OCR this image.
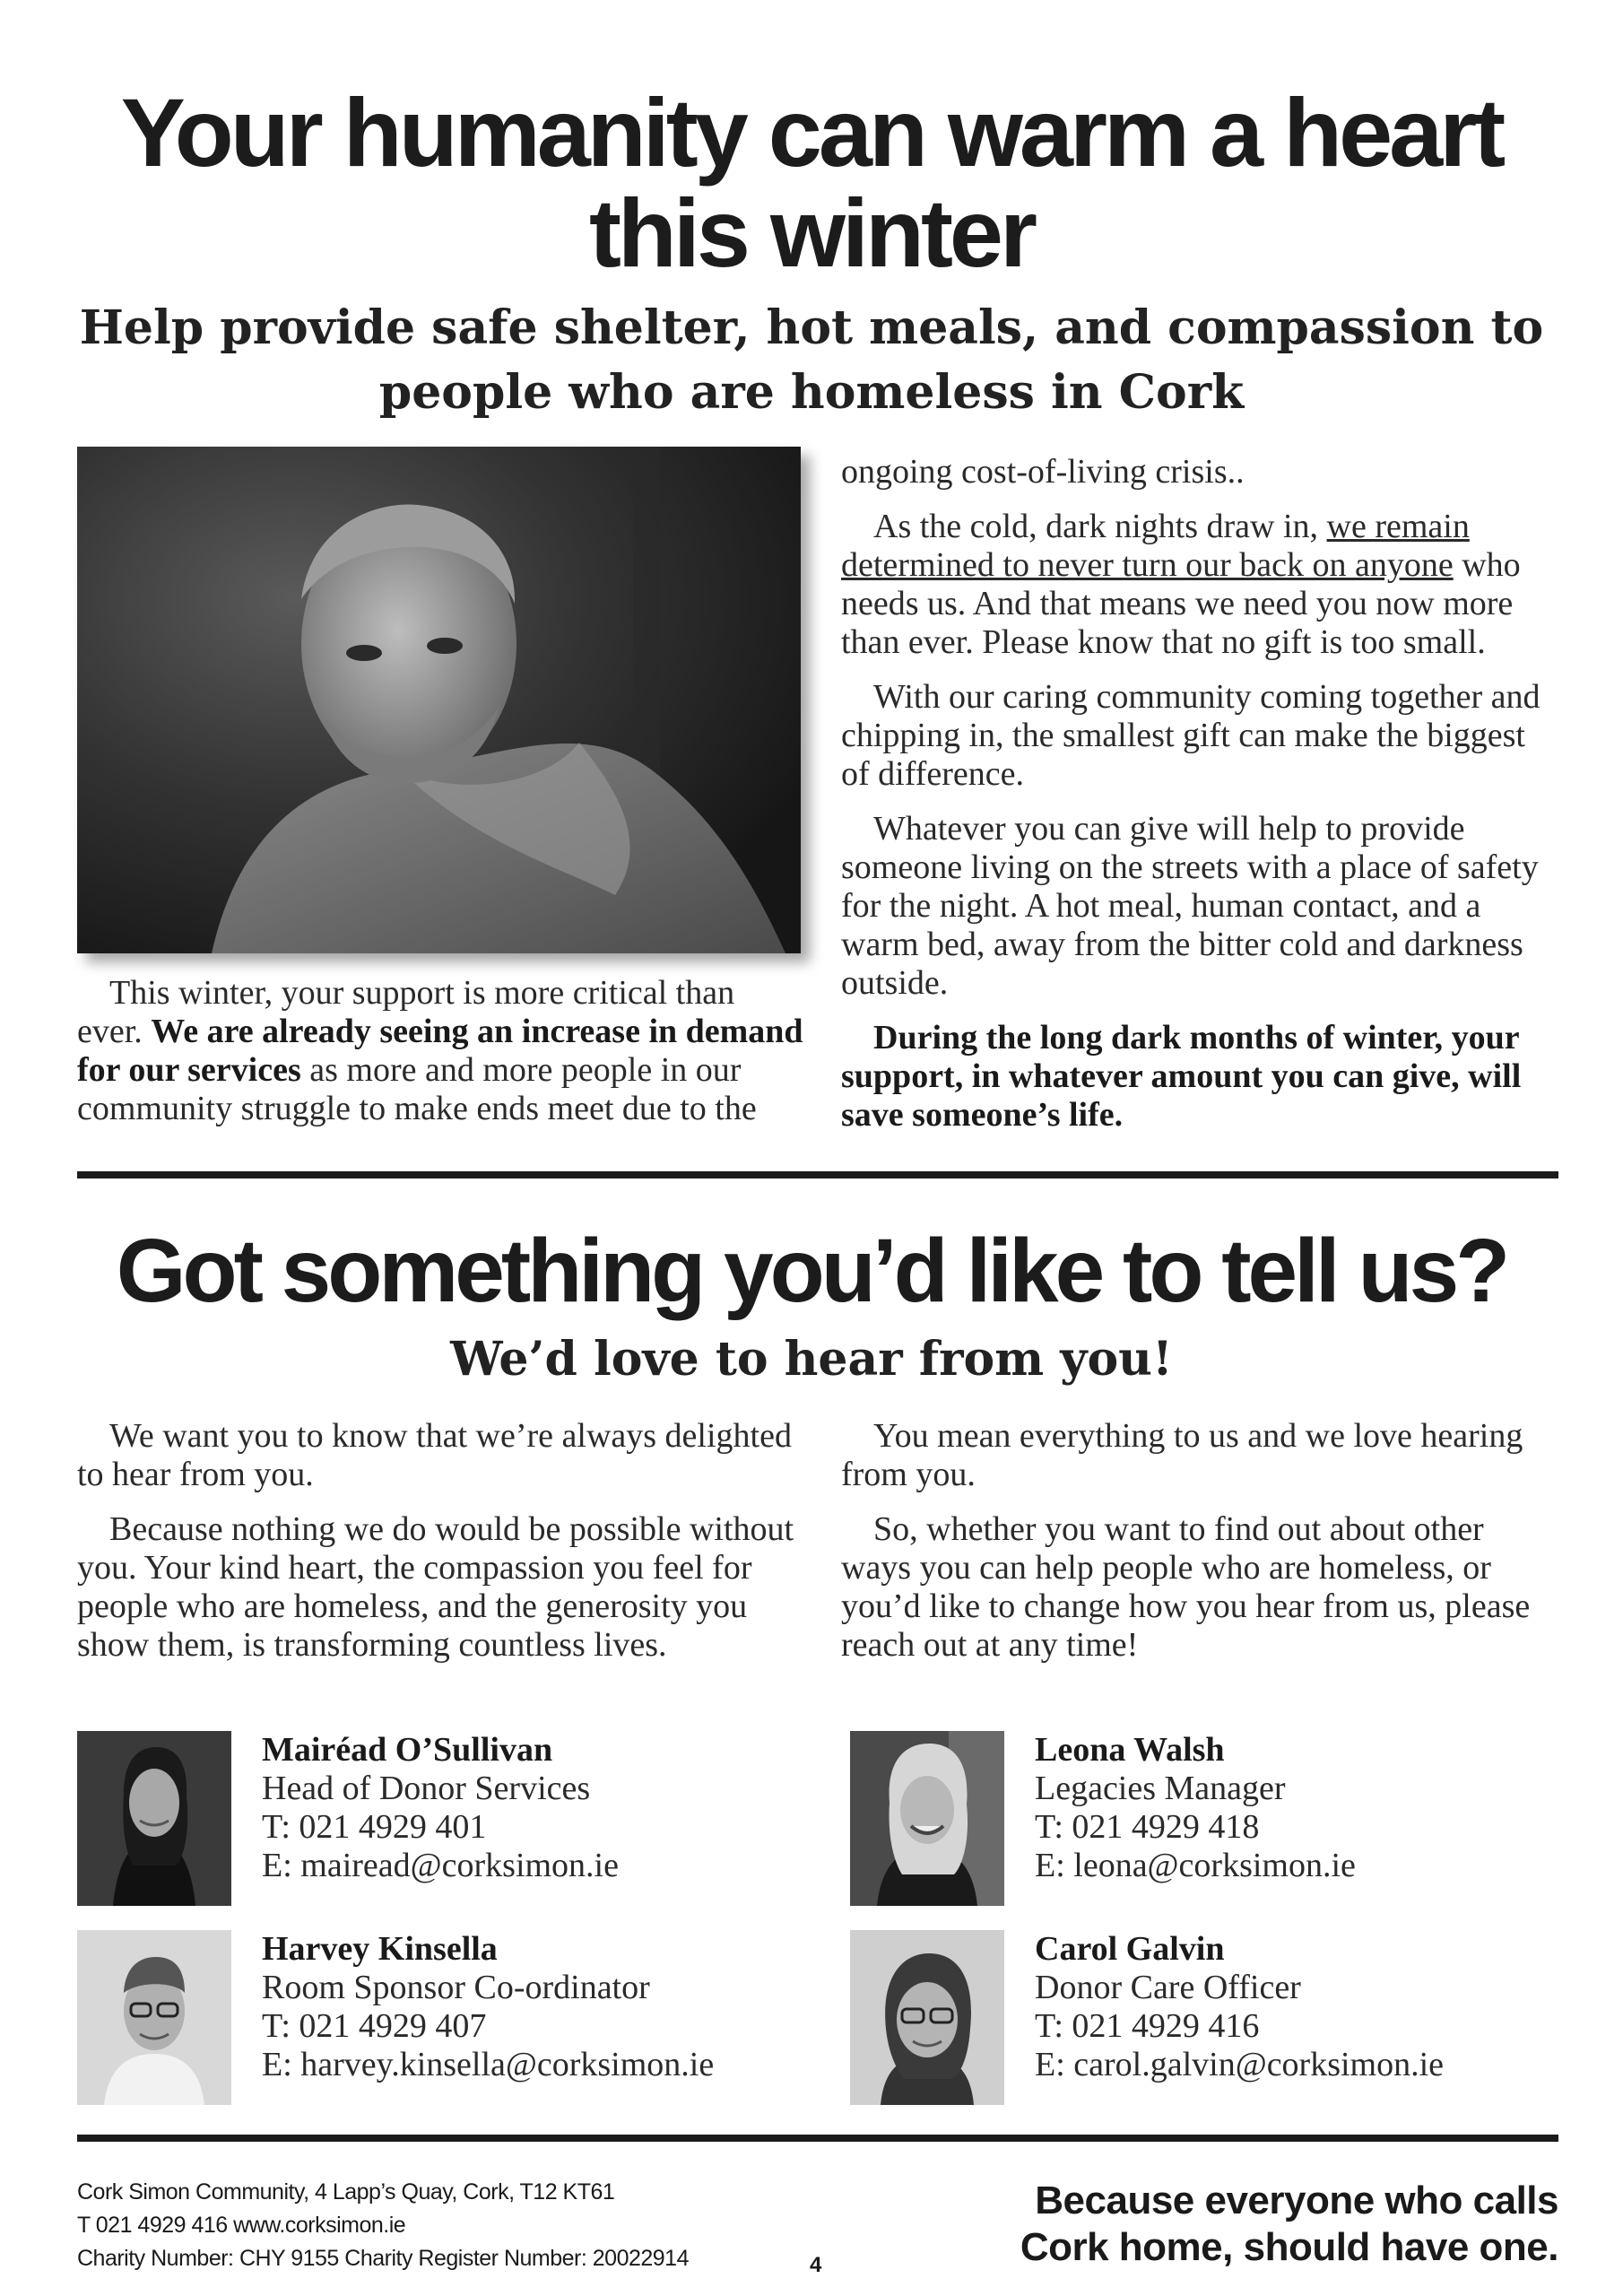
Your humanity can warm a heart
this winter
Help provide safe shelter, hot meals, and compassion to
people who are homeless in Cork

This winter, your support is more critical than ever. We are already seeing an increase in demand for our services as more and more people in our community struggle to make ends meet due to the

ongoing cost-of-living crisis..

As the cold, dark nights draw in, we remain determined to never turn our back on anyone who needs us. And that means we need you now more than ever. Please know that no gift is too small.

With our caring community coming together and chipping in, the smallest gift can make the biggest of difference.

Whatever you can give will help to provide someone living on the streets with a place of safety for the night. A hot meal, human contact, and a warm bed, away from the bitter cold and darkness outside.

During the long dark months of winter, your support, in whatever amount you can give, will save someone’s life.

Got something you’d like to tell us?
We’d love to hear from you!

We want you to know that we’re always delighted to hear from you.

Because nothing we do would be possible without you. Your kind heart, the compassion you feel for people who are homeless, and the generosity you show them, is transforming countless lives.

You mean everything to us and we love hearing from you.

So, whether you want to find out about other ways you can help people who are homeless, or you’d like to change how you hear from us, please reach out at any time!

Mairéad O’Sullivan
Head of Donor Services
T: 021 4929 401
E: mairead@corksimon.ie
Leona Walsh
Legacies Manager
T: 021 4929 418
E: leona@corksimon.ie
Harvey Kinsella
Room Sponsor Co-ordinator
T: 021 4929 407
E: harvey.kinsella@corksimon.ie
Carol Galvin
Donor Care Officer
T: 021 4929 416
E: carol.galvin@corksimon.ie
Cork Simon Community, 4 Lapp’s Quay, Cork, T12 KT61
T 021 4929 416 www.corksimon.ie
Charity Number: CHY 9155 Charity Register Number: 20022914	4
Because everyone who calls
Cork home, should have one.
